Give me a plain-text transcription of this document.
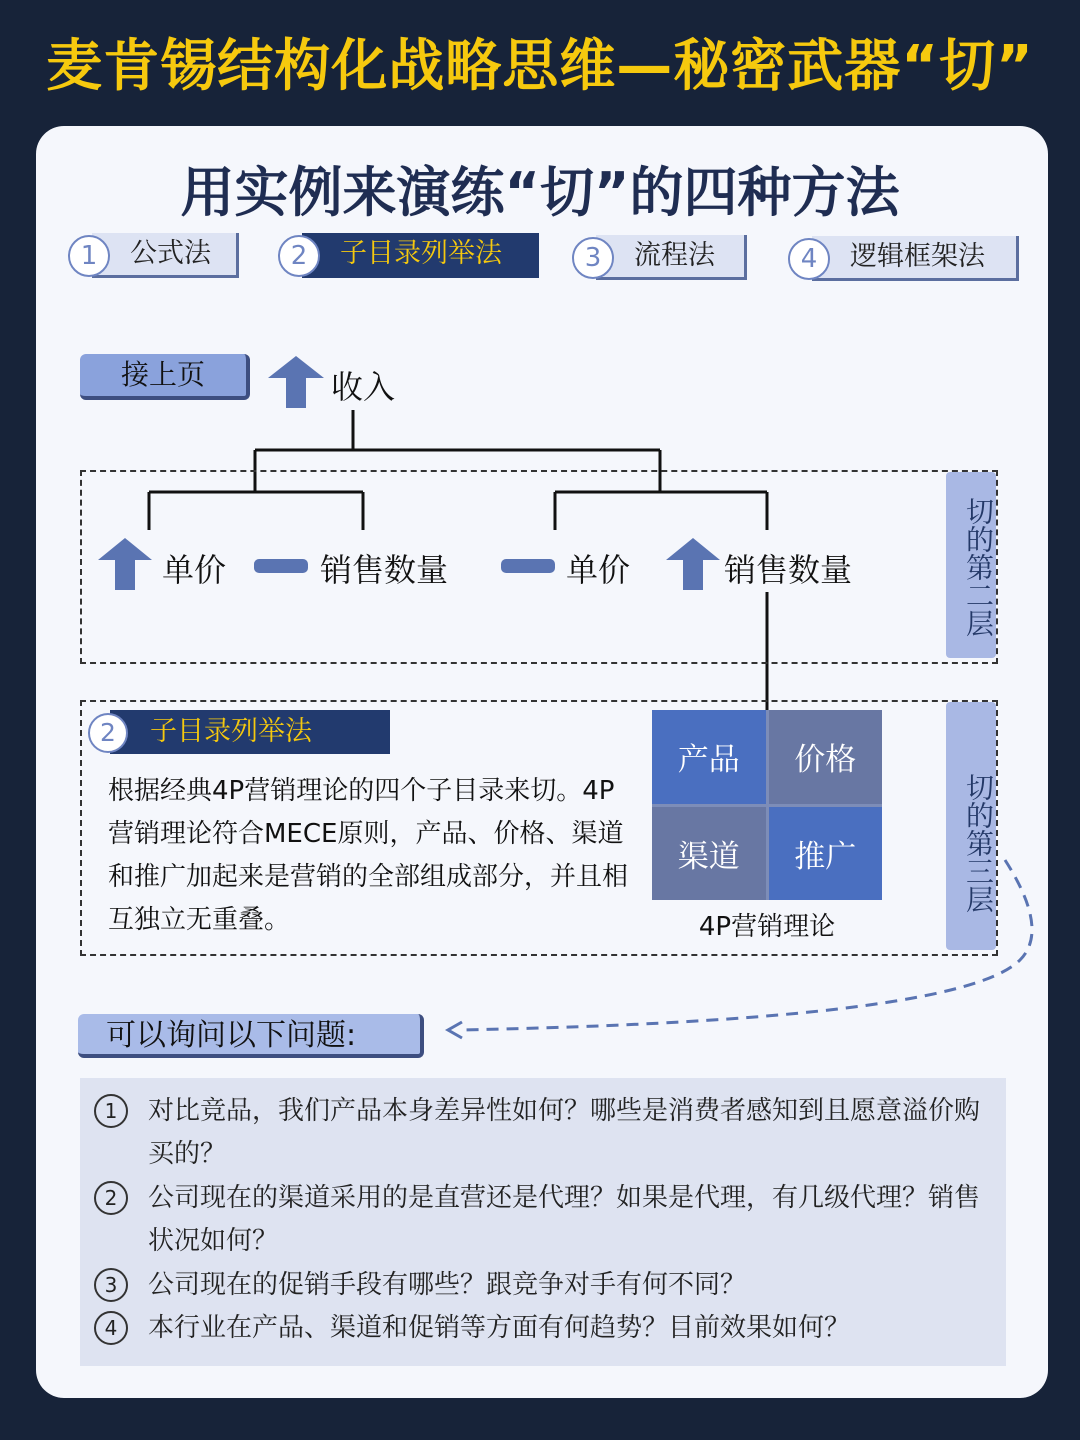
麦肯锡结构化战略思维—秘密武器“切”
用实例来演练“切”的四种方法
1	公式法	2	子目录列举法	3	流程法	4	逻辑框架法
接上页	收入
切的第二层
单价	销售数量	单价	销售数量
切的第三层
2	子目录列举法
根据经典4P营销理论的四个子目录来切。4P营销理论符合MECE原则，产品、价格、渠道和推广加起来是营销的全部组成部分，并且相互独立无重叠。
产品	价格
渠道	推广
4P营销理论
可以询问以下问题:
1	对比竞品，我们产品本身差异性如何？哪些是消费者感知到且愿意溢价购买的？
2	公司现在的渠道采用的是直营还是代理？如果是代理，有几级代理？销售状况如何？
3	公司现在的促销手段有哪些？跟竞争对手有何不同？
4	本行业在产品、渠道和促销等方面有何趋势？目前效果如何？
